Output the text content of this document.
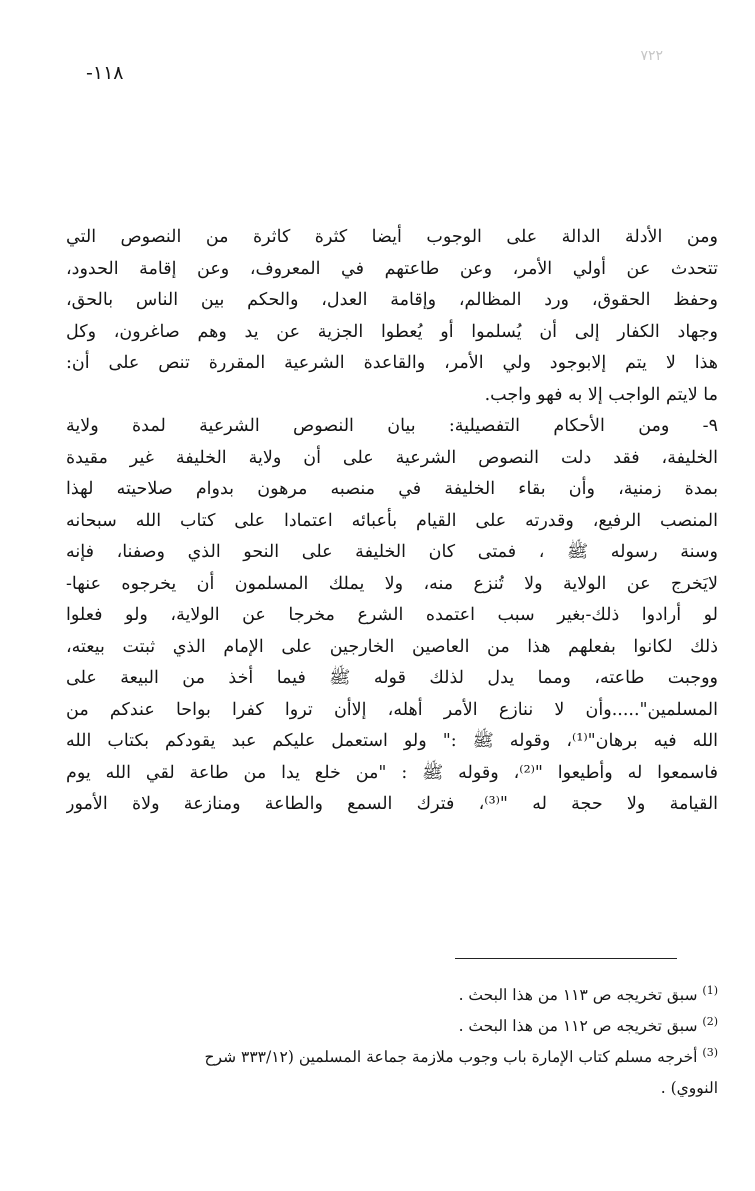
١١٨-
٧٢٢
ومن الأدلة الدالة على الوجوب أيضا كثرة كاثرة من النصوص التي
تتحدث عن أولي الأمر، وعن طاعتهم في المعروف، وعن إقامة الحدود،
وحفظ الحقوق، ورد المظالم، وإقامة العدل، والحكم بين الناس بالحق،
وجهاد الكفار إلى أن يُسلموا أو يُعطوا الجزية عن يد وهم صاغرون، وكل
هذا لا يتم إلابوجود ولي الأمر، والقاعدة الشرعية المقررة تنص على أن:
ما لايتم الواجب إلا به فهو واجب.
٩- ومن الأحكام التفصيلية: بيان النصوص الشرعية لمدة ولاية
الخليفة، فقد دلت النصوص الشرعية على أن ولاية الخليفة غير مقيدة
بمدة زمنية، وأن بقاء الخليفة في منصبه مرهون بدوام صلاحيته لهذا
المنصب الرفيع، وقدرته على القيام بأعبائه اعتمادا على كتاب الله سبحانه
وسنة رسوله ﷺ ، فمتى كان الخليفة على النحو الذي وصفنا، فإنه
لايَخرج عن الولاية ولا تُنزع منه، ولا يملك المسلمون أن يخرجوه عنها-
لو أرادوا ذلك-بغير سبب اعتمده الشرع مخرجا عن الولاية، ولو فعلوا
ذلك لكانوا بفعلهم هذا من العاصين الخارجين على الإمام الذي ثبتت بيعته،
ووجبت طاعته، ومما يدل لذلك قوله ﷺ فيما أخذ من البيعة على
المسلمين".....وأن لا ننازع الأمر أهله، إلاأن تروا كفرا بواحا عندكم من
الله فيه برهان"⁽¹⁾، وقوله ﷺ :" ولو استعمل عليكم عبد يقودكم بكتاب الله
فاسمعوا له وأطيعوا "⁽²⁾، وقوله ﷺ : "من خلع يدا من طاعة لقي الله يوم
القيامة ولا حجة له "⁽³⁾، فترك السمع والطاعة ومنازعة ولاة الأمور
$^{(1)}$ سبق تخريجه ص ١١٣ من هذا البحث .
$^{(2)}$ سبق تخريجه ص ١١٢ من هذا البحث .
$^{(3)}$ أخرجه مسلم كتاب الإمارة باب وجوب ملازمة جماعة المسلمين (٣٣٣/١٢ شرح
النووي) .
